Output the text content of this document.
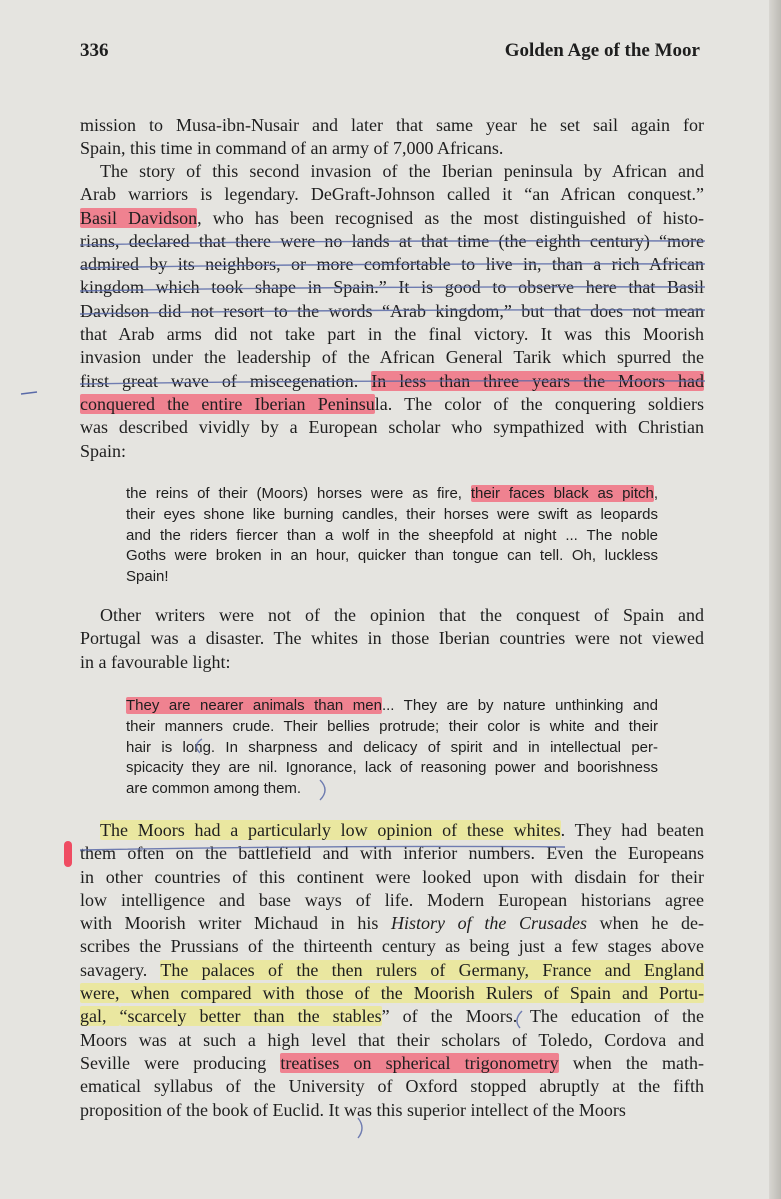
336	Golden Age of the Moor
mission to Musa-ibn-Nusair and later that same year he set sail again for
Spain, this time in command of an army of 7,000 Africans.
The story of this second invasion of the Iberian peninsula by African and
Arab warriors is legendary. DeGraft-Johnson called it “an African conquest.”
Basil Davidson, who has been recognised as the most distinguished of histo-
rians, declared that there were no lands at that time (the eighth century) “more
admired by its neighbors, or more comfortable to live in, than a rich African
kingdom which took shape in Spain.” It is good to observe here that Basil
Davidson did not resort to the words “Arab kingdom,” but that does not mean
that Arab arms did not take part in the final victory. It was this Moorish
invasion under the leadership of the African General Tarik which spurred the
first great wave of miscegenation. In less than three years the Moors had
conquered the entire Iberian Peninsula. The color of the conquering soldiers
was described vividly by a European scholar who sympathized with Christian
Spain:
the reins of their (Moors) horses were as fire, their faces black as pitch,
their eyes shone like burning candles, their horses were swift as leopards
and the riders fiercer than a wolf in the sheepfold at night ... The noble
Goths were broken in an hour, quicker than tongue can tell. Oh, luckless
Spain!
Other writers were not of the opinion that the conquest of Spain and
Portugal was a disaster. The whites in those Iberian countries were not viewed
in a favourable light:
They are nearer animals than men... They are by nature unthinking and
their manners crude. Their bellies protrude; their color is white and their
hair is long. In sharpness and delicacy of spirit and in intellectual per-
spicacity they are nil. Ignorance, lack of reasoning power and boorishness
are common among them.
The Moors had a particularly low opinion of these whites. They had beaten
them often on the battlefield and with inferior numbers. Even the Europeans
in other countries of this continent were looked upon with disdain for their
low intelligence and base ways of life. Modern European historians agree
with Moorish writer Michaud in his History of the Crusades when he de-
scribes the Prussians of the thirteenth century as being just a few stages above
savagery. The palaces of the then rulers of Germany, France and England
were, when compared with those of the Moorish Rulers of Spain and Portu-
gal, “scarcely better than the stables” of the Moors. The education of the
Moors was at such a high level that their scholars of Toledo, Cordova and
Seville were producing treatises on spherical trigonometry when the math-
ematical syllabus of the University of Oxford stopped abruptly at the fifth
proposition of the book of Euclid. It was this superior intellect of the Moors
